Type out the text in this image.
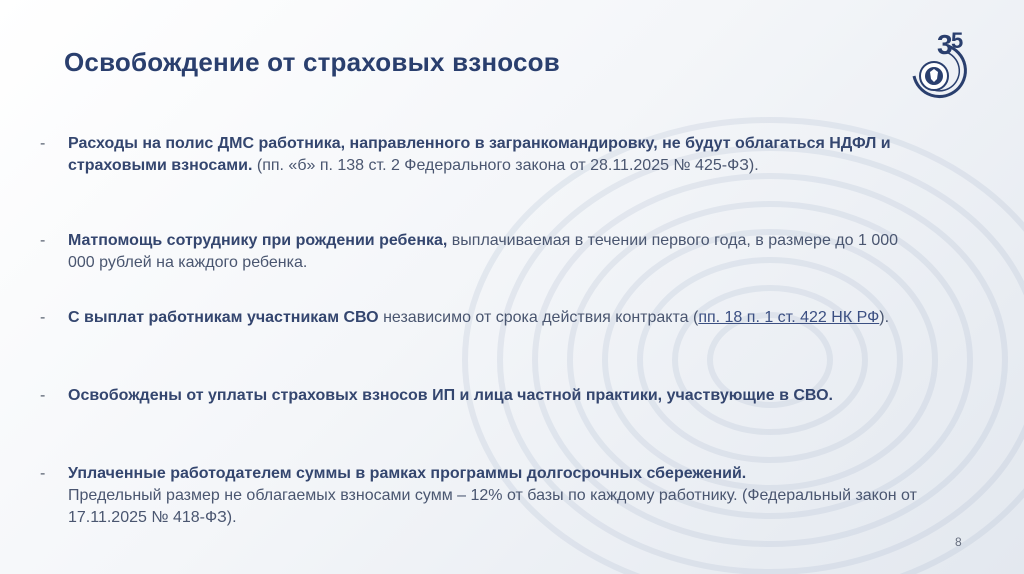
Освобождение от страховых взносов
3
5
- Расходы на полис ДМС работника, направленного в загранкомандировку, не будут облагаться НДФЛ и страховыми взносами. (пп. «б» п. 138 ст. 2 Федерального закона от 28.11.2025 № 425-ФЗ).
- Матпомощь сотруднику при рождении ребенка, выплачиваемая в течении первого года, в размере до 1 000 000 рублей на каждого ребенка.
- С выплат работникам участникам СВО независимо от срока действия контракта (пп. 18 п. 1 ст. 422 НК РФ).
- Освобождены от уплаты страховых взносов ИП и лица частной практики, участвующие в СВО.
- Уплаченные работодателем суммы в рамках программы долгосрочных сбережений.
Предельный размер не облагаемых взносами сумм – 12% от базы по каждому работнику. (Федеральный закон от 17.11.2025 № 418-ФЗ).
8
